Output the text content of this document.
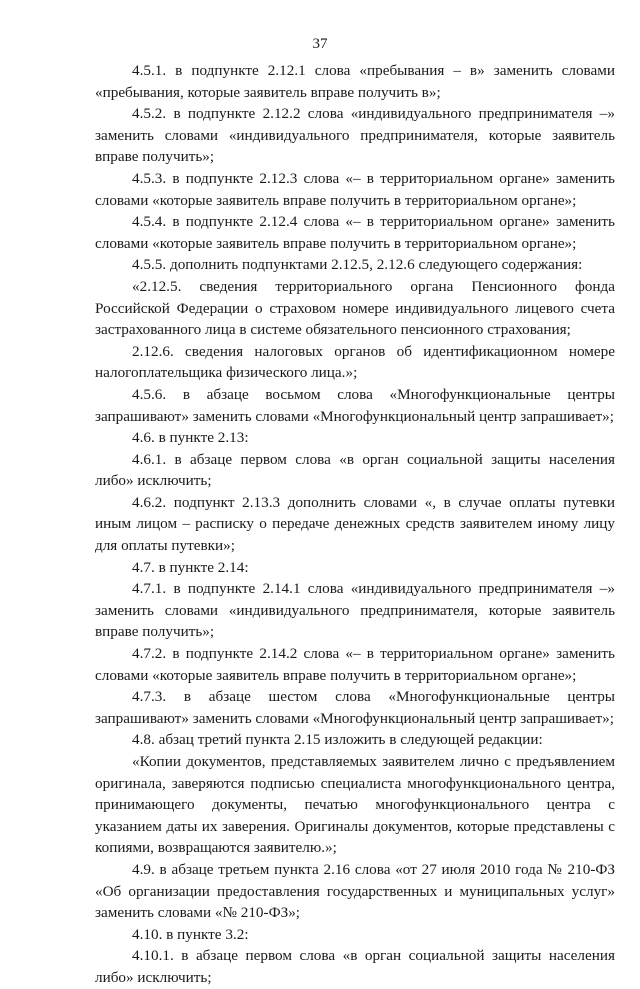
37

4.5.1. в подпункте 2.12.1 слова «пребывания – в» заменить словами «пребывания, которые заявитель вправе получить в»;

4.5.2. в подпункте 2.12.2 слова «индивидуального предпринимателя –» заменить словами «индивидуального предпринимателя, которые заявитель вправе получить»;

4.5.3. в подпункте 2.12.3 слова «– в территориальном органе» заменить словами «которые заявитель вправе получить в территориальном органе»;

4.5.4. в подпункте 2.12.4 слова «– в территориальном органе» заменить словами «которые заявитель вправе получить в территориальном органе»;

4.5.5. дополнить подпунктами 2.12.5, 2.12.6 следующего содержания:

«2.12.5. сведения территориального органа Пенсионного фонда Российской Федерации о страховом номере индивидуального лицевого счета застрахованного лица в системе обязательного пенсионного страхования;

2.12.6. сведения налоговых органов об идентификационном номере налогоплательщика физического лица.»;

4.5.6. в абзаце восьмом слова «Многофункциональные центры запрашивают» заменить словами «Многофункциональный центр запрашивает»;

4.6. в пункте 2.13:

4.6.1. в абзаце первом слова «в орган социальной защиты населения либо» исключить;

4.6.2. подпункт 2.13.3 дополнить словами «, в случае оплаты путевки иным лицом – расписку о передаче денежных средств заявителем иному лицу для оплаты путевки»;

4.7. в пункте 2.14:

4.7.1. в подпункте 2.14.1 слова «индивидуального предпринимателя –» заменить словами «индивидуального предпринимателя, которые заявитель вправе получить»;

4.7.2. в подпункте 2.14.2 слова «– в территориальном органе» заменить словами «которые заявитель вправе получить в территориальном органе»;

4.7.3. в абзаце шестом слова «Многофункциональные центры запрашивают» заменить словами «Многофункциональный центр запрашивает»;

4.8. абзац третий пункта 2.15 изложить в следующей редакции:

«Копии документов, представляемых заявителем лично с предъявлением оригинала, заверяются подписью специалиста многофункционального центра, принимающего документы, печатью многофункционального центра с указанием даты их заверения. Оригиналы документов, которые представлены с копиями, возвращаются заявителю.»;

4.9. в абзаце третьем пункта 2.16 слова «от 27 июля 2010 года № 210-ФЗ «Об организации предоставления государственных и муниципальных услуг» заменить словами «№ 210-ФЗ»;

4.10. в пункте 3.2:

4.10.1. в абзаце первом слова «в орган социальной защиты населения либо» исключить;
